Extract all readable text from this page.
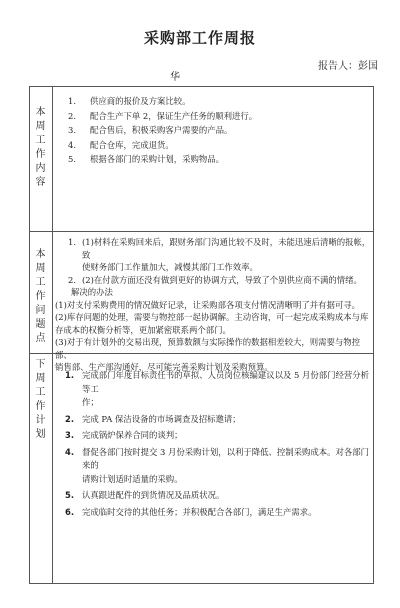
采购部工作周报
报告人：彭国
华
本
周
工
作
内
容
1.	供应商的报价及方案比较。
2.	配合生产下单 2，保证生产任务的顺利进行。
3.	配合售后，积极采购客户需要的产品。
4.	配合仓库，完成退货。
5.	根据各部门的采购计划，采购物品。
本
周
工
作
问
题
点
1. (1)材料在采购回来后，跟财务部门沟通比较不及时，未能迅速后清晰的报帐，致
使财务部门工作量加大，减慢其部门工作效率。
2. (2)在付款方面还没有做到更好的协调方式，导致了个别供应商不满的情绪。
解决的办法
(1)对支付采购费用的情况做好记录，让采购部各项支付情况清晰明了并有据可寻。
(2)库存问题的处理，需要与物控部一起协调解。主动咨询，可一起完成采购成本与库
存成本的权衡分析等，更加紧密联系两个部门。
(3)对于有计划外的交易出现，预算数额与实际操作的数据相差较大，则需要与物控部、
销售部、生产部沟通好，尽可能完善采购计划及采购预算。
下
周
工
作
计
划
1. 完成部门年度目标责任书的草拟、人员岗位核编建议以及 5 月份部门经营分析等工
作；
2. 完成 PA 保洁设备的市场调查及招标邀请；
3. 完成锅炉保养合同的谈判；
4. 督促各部门按时提交 3 月份采购计划，以利于降低、控制采购成本。对各部门来的
请购计划适时适量的采购。
5. 认真跟进配件的到货情况及品质状况。
6. 完成临时交待的其他任务；并积极配合各部门，满足生产需求。
